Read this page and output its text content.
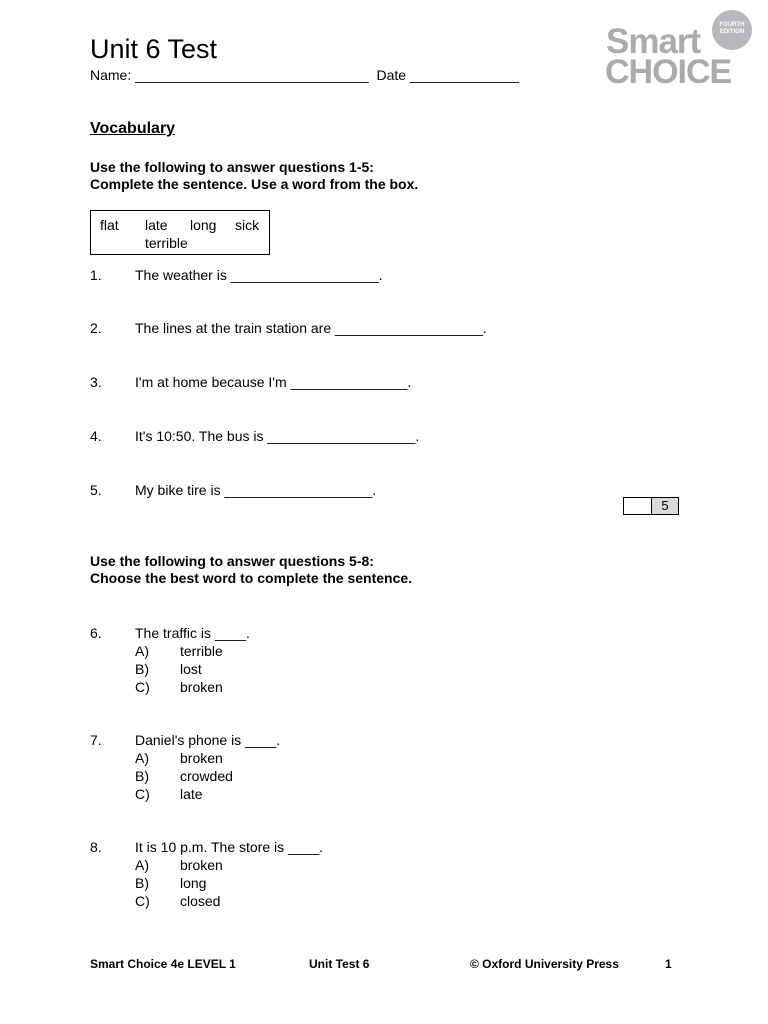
Unit 6 Test
Name: ______________________________  Date ______________
Smart
CHOICE
FOURTH
EDITION
Vocabulary
Use the following to answer questions 1-5:
Complete the sentence. Use a word from the box.
flat late long sick
terrible
1. The weather is ___________________.
2. The lines at the train station are ___________________.
3. I'm at home because I'm _______________.
4. It's 10:50. The bus is ___________________.
5. My bike tire is ___________________.
5
Use the following to answer questions 5-8:
Choose the best word to complete the sentence.
6. The traffic is ____.
A) terrible
B) lost
C) broken
7. Daniel's phone is ____.
A) broken
B) crowded
C) late
8. It is 10 p.m. The store is ____.
A) broken
B) long
C) closed
Smart Choice 4e LEVEL 1	Unit Test 6	© Oxford University Press	1
